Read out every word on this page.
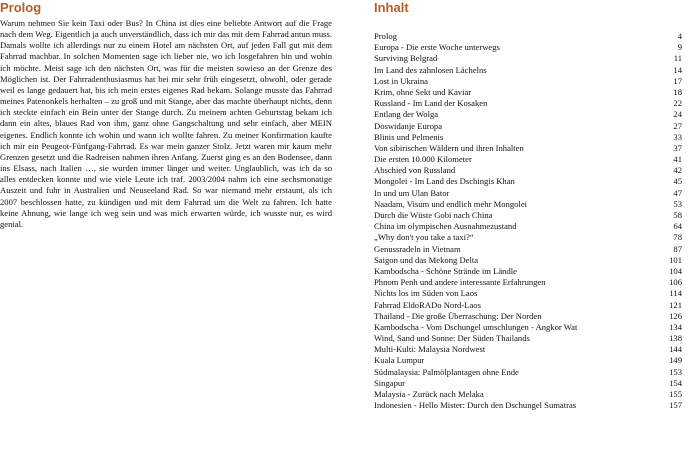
Prolog

Warum nehmen Sie kein Taxi oder Bus? In China ist dies eine beliebte Antwort auf die Frage nach dem Weg. Eigentlich ja auch unverständlich, dass ich mir das mit dem Fahrrad antun muss. Damals wollte ich allerdings nur zu einem Hotel am nächsten Ort, auf jeden Fall gut mit dem Fahrrad machbar. In solchen Momenten sage ich lieber nie, wo ich losgefahren bin und wohin ich möchte. Meist sage ich den nächsten Ort, was für die meisten sowieso an der Grenze des Möglichen ist. Der Fahrradenthusiasmus hat bei mir sehr früh eingesetzt, obwohl, oder gerade weil es lange gedauert hat, bis ich mein erstes eigenes Rad bekam. Solange musste das Fahrrad meines Patenonkels herhalten – zu groß und mit Stange, aber das machte überhaupt nichts, denn ich steckte einfach ein Bein unter der Stange durch. Zu meinem achten Geburtstag bekam ich dann ein altes, blaues Rad von ihm, ganz ohne Gangschaltung und sehr einfach, aber MEIN eigenes. Endlich konnte ich wohin und wann ich wollte fahren. Zu meiner Konfirmation kaufte ich mir ein Peugeot-Fünfgang-Fahrrad. Es war mein ganzer Stolz. Jetzt waren mir kaum mehr Grenzen gesetzt und die Radreisen nahmen ihren Anfang. Zuerst ging es an den Bodensee, dann ins Elsass, nach Italien …, sie wurden immer länger und weiter. Unglaublich, was ich da so alles entdecken konnte und wie viele Leute ich traf. 2003/2004 nahm ich eine sechsmonatige Auszeit und fuhr in Australien und Neuseeland Rad. So war niemand mehr erstaunt, als ich 2007 beschlossen hatte, zu kündigen und mit dem Fahrrad um die Welt zu fahren. Ich hatte keine Ahnung, wie lange ich weg sein und was mich erwarten würde, ich wusste nur, es wird genial.

Inhalt
Prolog	4
Europa - Die erste Woche unterwegs	9
Surviving Belgrad	11
Im Land des zahnlosen Lächelns	14
Lost in Ukraina	17
Krim, ohne Sekt und Kaviar	18
Russland - Im Land der Kosaken	22
Entlang der Wolga	24
Doswidanje Europa	27
Blinis und Pelmenis	33
Von sibirischen Wäldern und ihren Inhalten	37
Die ersten 10.000 Kilometer	41
Abschied von Russland	42
Mongolei - Im Land des Dschingis Khan	45
In und um Ulan Bator	47
Naadam, Visum und endlich mehr Mongolei	53
Durch die Wüste Gobi nach China	58
China im olympischen Ausnahmezustand	64
„Why don't you take a taxi?“	78
Genussradeln in Vietnam	87
Saigon und das Mekong Delta	101
Kambodscha - Schöne Strände im Ländle	104
Phnom Penh und andere interessante Erfahrungen	106
Nichts los im Süden von Laos	114
Fahrrad EldoRADo Nord-Laos	121
Thailand - Die große Überraschung: Der Norden	126
Kambodscha - Vom Dschungel umschlungen - Angkor Wat	134
Wind, Sand und Sonne: Der Süden Thailands	138
Multi-Kulti: Malaysia Nordwest	144
Kuala Lumpur	149
Südmalaysia: Palmölplantagen ohne Ende	153
Singapur	154
Malaysia - Zurück nach Melaka	155
Indonesien - Hello Mister: Durch den Dschungel Sumatras	157
